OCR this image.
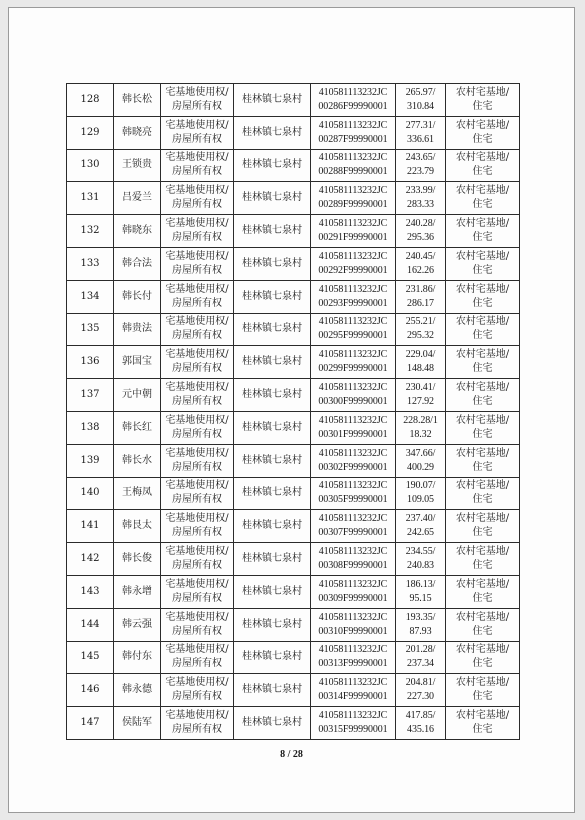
128	韩长松	宅基地使用权/
房屋所有权	桂林镇七泉村	410581113232JC
00286F99990001	265.97/
310.84	农村宅基地/
住宅

129	韩晓亮	宅基地使用权/
房屋所有权	桂林镇七泉村	410581113232JC
00287F99990001	277.31/
336.61	农村宅基地/
住宅

130	王锁贵	宅基地使用权/
房屋所有权	桂林镇七泉村	410581113232JC
00288F99990001	243.65/
223.79	农村宅基地/
住宅

131	吕爱兰	宅基地使用权/
房屋所有权	桂林镇七泉村	410581113232JC
00289F99990001	233.99/
283.33	农村宅基地/
住宅

132	韩晓东	宅基地使用权/
房屋所有权	桂林镇七泉村	410581113232JC
00291F99990001	240.28/
295.36	农村宅基地/
住宅

133	韩合法	宅基地使用权/
房屋所有权	桂林镇七泉村	410581113232JC
00292F99990001	240.45/
162.26	农村宅基地/
住宅

134	韩长付	宅基地使用权/
房屋所有权	桂林镇七泉村	410581113232JC
00293F99990001	231.86/
286.17	农村宅基地/
住宅

135	韩贵法	宅基地使用权/
房屋所有权	桂林镇七泉村	410581113232JC
00295F99990001	255.21/
295.32	农村宅基地/
住宅

136	郭国宝	宅基地使用权/
房屋所有权	桂林镇七泉村	410581113232JC
00299F99990001	229.04/
148.48	农村宅基地/
住宅

137	元中朝	宅基地使用权/
房屋所有权	桂林镇七泉村	410581113232JC
00300F99990001	230.41/
127.92	农村宅基地/
住宅

138	韩长红	宅基地使用权/
房屋所有权	桂林镇七泉村	410581113232JC
00301F99990001	228.28/1
18.32	农村宅基地/
住宅

139	韩长水	宅基地使用权/
房屋所有权	桂林镇七泉村	410581113232JC
00302F99990001	347.66/
400.29	农村宅基地/
住宅

140	王梅凤	宅基地使用权/
房屋所有权	桂林镇七泉村	410581113232JC
00305F99990001	190.07/
109.05	农村宅基地/
住宅

141	韩艮太	宅基地使用权/
房屋所有权	桂林镇七泉村	410581113232JC
00307F99990001	237.40/
242.65	农村宅基地/
住宅

142	韩长俊	宅基地使用权/
房屋所有权	桂林镇七泉村	410581113232JC
00308F99990001	234.55/
240.83	农村宅基地/
住宅

143	韩永增	宅基地使用权/
房屋所有权	桂林镇七泉村	410581113232JC
00309F99990001	186.13/
95.15	农村宅基地/
住宅

144	韩云强	宅基地使用权/
房屋所有权	桂林镇七泉村	410581113232JC
00310F99990001	193.35/
87.93	农村宅基地/
住宅

145	韩付东	宅基地使用权/
房屋所有权	桂林镇七泉村	410581113232JC
00313F99990001	201.28/
237.34	农村宅基地/
住宅

146	韩永德	宅基地使用权/
房屋所有权	桂林镇七泉村	410581113232JC
00314F99990001	204.81/
227.30	农村宅基地/
住宅

147	侯陆军	宅基地使用权/
房屋所有权	桂林镇七泉村	410581113232JC
00315F99990001	417.85/
435.16	农村宅基地/
住宅
8 / 28
